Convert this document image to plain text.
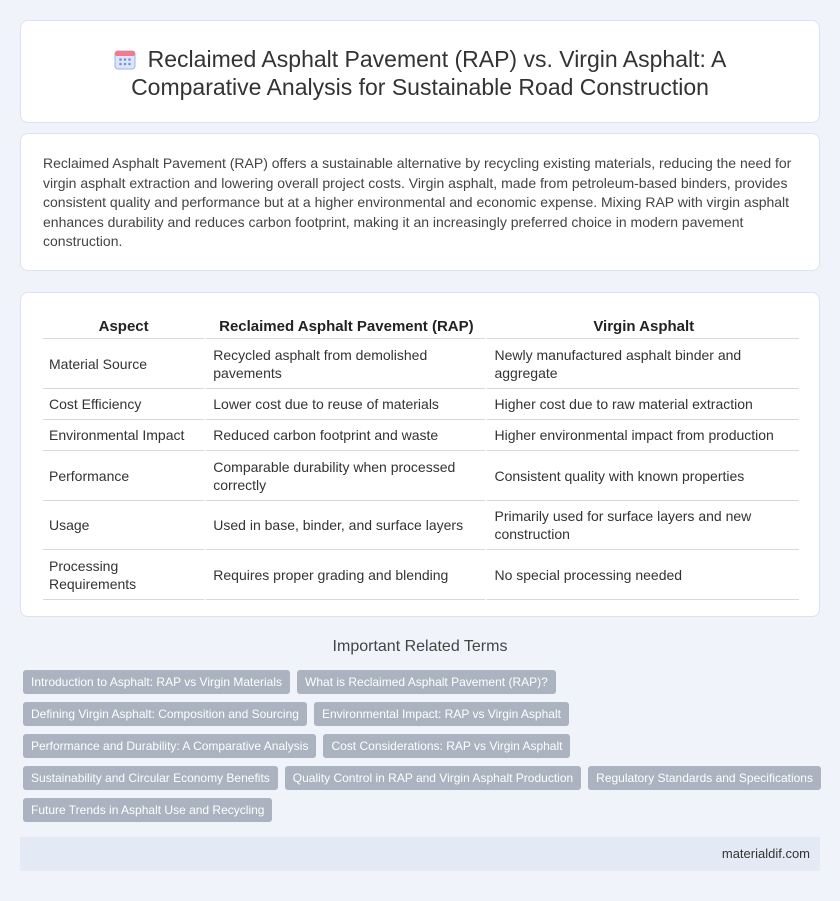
Reclaimed Asphalt Pavement (RAP) vs. Virgin Asphalt: A Comparative Analysis for Sustainable Road Construction

Reclaimed Asphalt Pavement (RAP) offers a sustainable alternative by recycling existing materials, reducing the need for virgin asphalt extraction and lowering overall project costs. Virgin asphalt, made from petroleum-based binders, provides consistent quality and performance but at a higher environmental and economic expense. Mixing RAP with virgin asphalt enhances durability and reduces carbon footprint, making it an increasingly preferred choice in modern pavement construction.

Aspect	Reclaimed Asphalt Pavement (RAP)	Virgin Asphalt
Material Source	Recycled asphalt from demolished pavements	Newly manufactured asphalt binder and aggregate
Cost Efficiency	Lower cost due to reuse of materials	Higher cost due to raw material extraction
Environmental Impact	Reduced carbon footprint and waste	Higher environmental impact from production
Performance	Comparable durability when processed correctly	Consistent quality with known properties
Usage	Used in base, binder, and surface layers	Primarily used for surface layers and new construction
Processing Requirements	Requires proper grading and blending	No special processing needed
Important Related Terms
Introduction to Asphalt: RAP vs Virgin Materials	What is Reclaimed Asphalt Pavement (RAP)?
Defining Virgin Asphalt: Composition and Sourcing	Environmental Impact: RAP vs Virgin Asphalt
Performance and Durability: A Comparative Analysis	Cost Considerations: RAP vs Virgin Asphalt
Sustainability and Circular Economy Benefits	Quality Control in RAP and Virgin Asphalt Production	Regulatory Standards and Specifications
Future Trends in Asphalt Use and Recycling
materialdif.com
